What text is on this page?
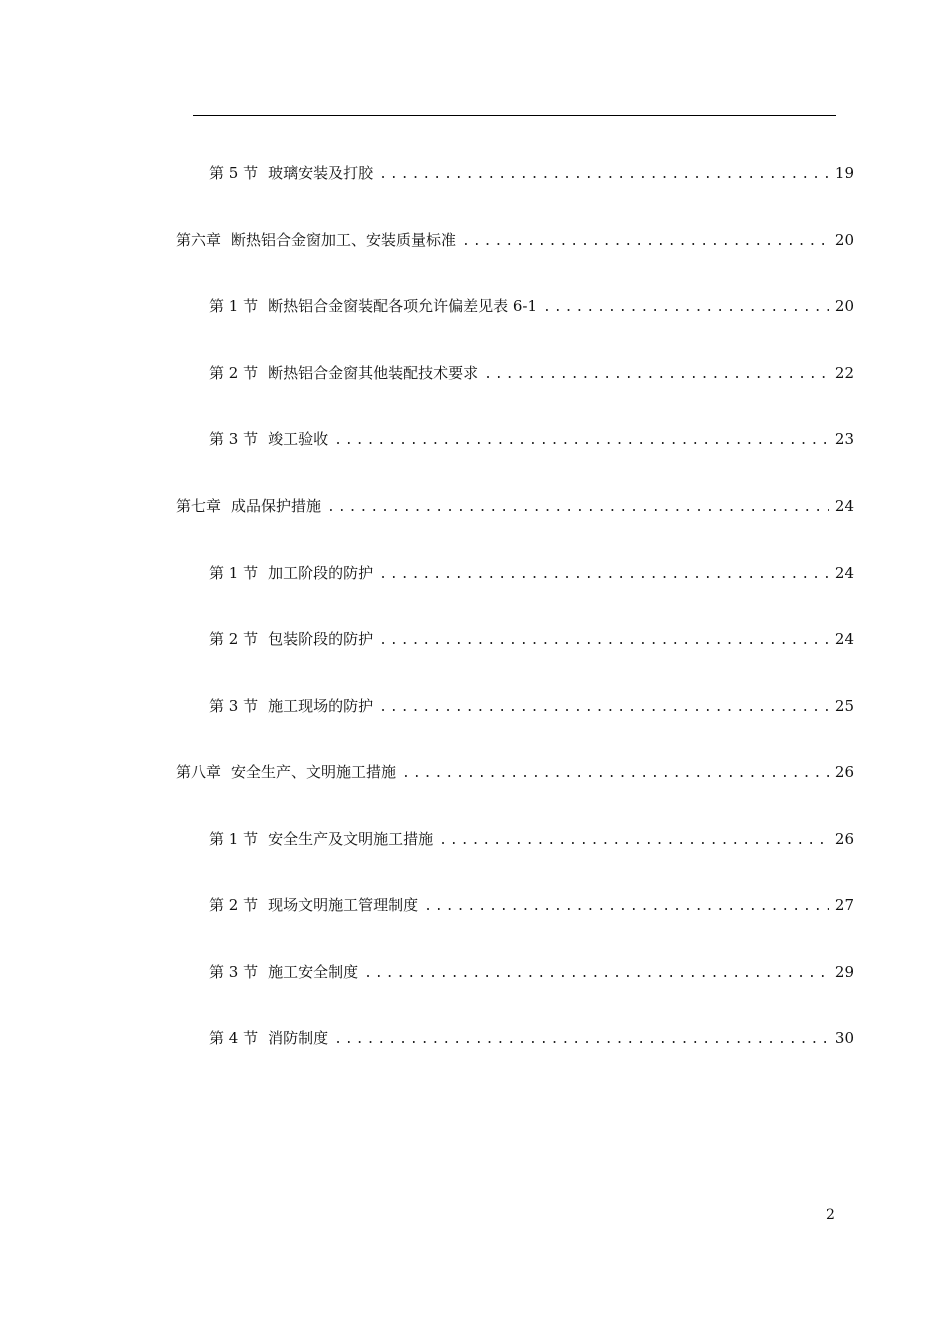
第 5 节 玻璃安装及打胶 .....	19
第六章 断热铝合金窗加工、安装质量标准 .....	20
第 1 节 断热铝合金窗装配各项允许偏差见表 6-1 .....	20
第 2 节 断热铝合金窗其他装配技术要求 .....	22
第 3 节 竣工验收 .....	23
第七章 成品保护措施 .....	24
第 1 节 加工阶段的防护 .....	24
第 2 节 包装阶段的防护 .....	24
第 3 节 施工现场的防护 .....	25
第八章 安全生产、文明施工措施 .....	26
第 1 节 安全生产及文明施工措施 .....	26
第 2 节 现场文明施工管理制度 .....	27
第 3 节 施工安全制度 .....	29
第 4 节 消防制度 .....	30
2
